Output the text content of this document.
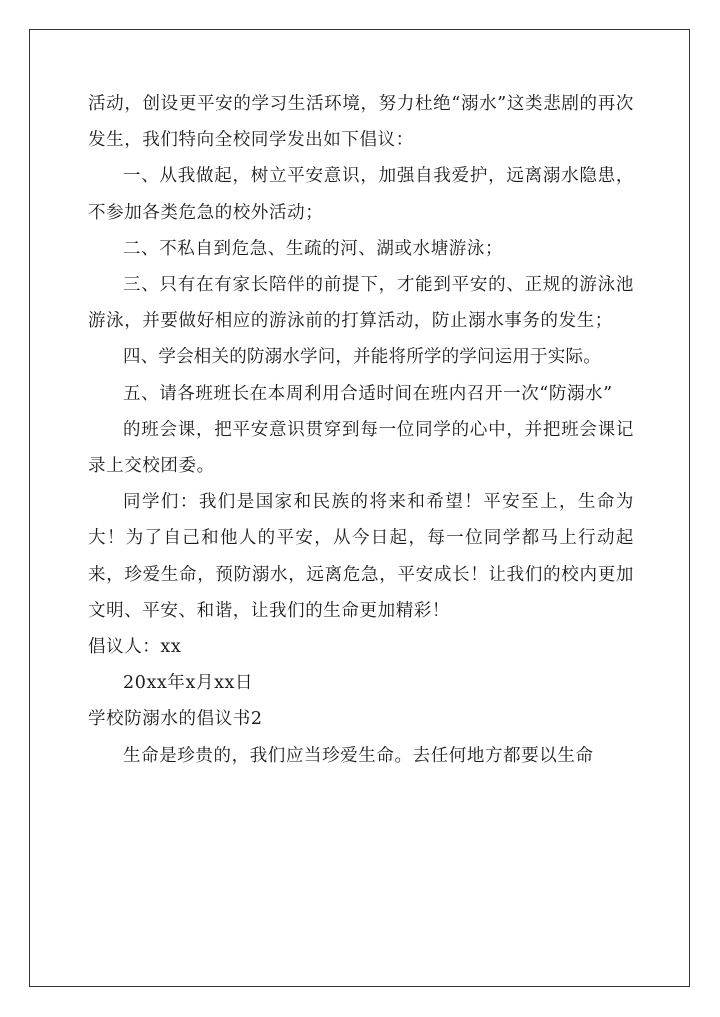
活动，创设更平安的学习生活环境，努力杜绝“溺水”这类悲剧的再次发生，我们特向全校同学发出如下倡议：

一、从我做起，树立平安意识，加强自我爱护，远离溺水隐患，不参加各类危急的校外活动；

二、不私自到危急、生疏的河、湖或水塘游泳；

三、只有在有家长陪伴的前提下，才能到平安的、正规的游泳池游泳，并要做好相应的游泳前的打算活动，防止溺水事务的发生；

四、学会相关的防溺水学问，并能将所学的学问运用于实际。

五、请各班班长在本周利用合适时间在班内召开一次“防溺水”

的班会课，把平安意识贯穿到每一位同学的心中，并把班会课记录上交校团委。

同学们：我们是国家和民族的将来和希望！平安至上，生命为大！为了自己和他人的平安，从今日起，每一位同学都马上行动起来，珍爱生命，预防溺水，远离危急，平安成长！让我们的校内更加文明、平安、和谐，让我们的生命更加精彩！

倡议人：xx

20xx年x月xx日

学校防溺水的倡议书2

生命是珍贵的，我们应当珍爱生命。去任何地方都要以生命
